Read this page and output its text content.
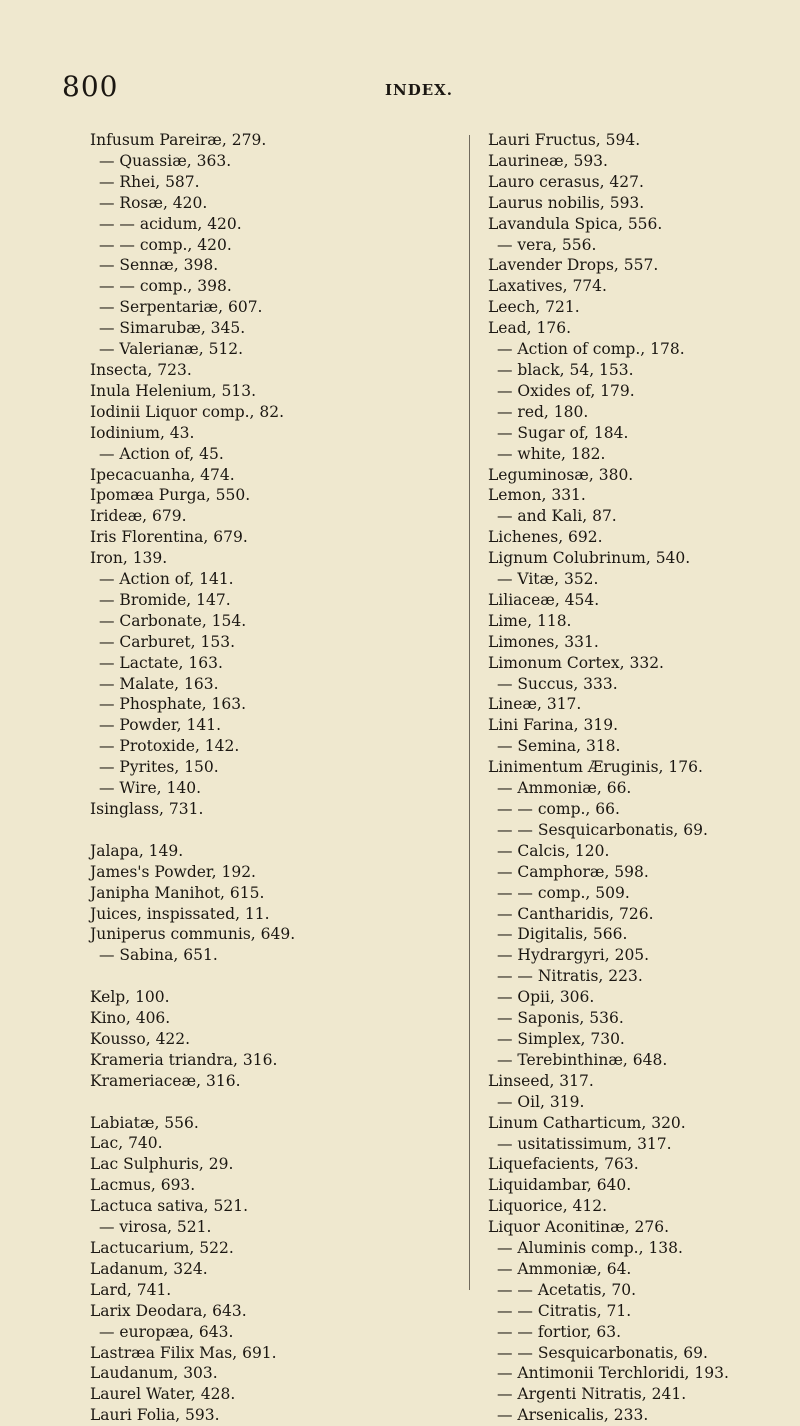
800	INDEX.
Infusum Pareiræ, 279.
— Quassiæ, 363.
— Rhei, 587.
— Rosæ, 420.
— — acidum, 420.
— — comp., 420.
— Sennæ, 398.
— — comp., 398.
— Serpentariæ, 607.
— Simarubæ, 345.
— Valerianæ, 512.
Insecta, 723.
Inula Helenium, 513.
Iodinii Liquor comp., 82.
Iodinium, 43.
— Action of, 45.
Ipecacuanha, 474.
Ipomæa Purga, 550.
Irideæ, 679.
Iris Florentina, 679.
Iron, 139.
— Action of, 141.
— Bromide, 147.
— Carbonate, 154.
— Carburet, 153.
— Lactate, 163.
— Malate, 163.
— Phosphate, 163.
— Powder, 141.
— Protoxide, 142.
— Pyrites, 150.
— Wire, 140.
Isinglass, 731.
Jalapa, 149.
James's Powder, 192.
Janipha Manihot, 615.
Juices, inspissated, 11.
Juniperus communis, 649.
— Sabina, 651.
Kelp, 100.
Kino, 406.
Kousso, 422.
Krameria triandra, 316.
Krameriaceæ, 316.
Labiatæ, 556.
Lac, 740.
Lac Sulphuris, 29.
Lacmus, 693.
Lactuca sativa, 521.
— virosa, 521.
Lactucarium, 522.
Ladanum, 324.
Lard, 741.
Larix Deodara, 643.
— europæa, 643.
Lastræa Filix Mas, 691.
Laudanum, 303.
Laurel Water, 428.
Lauri Folia, 593.
Lauri Fructus, 594.
Laurineæ, 593.
Lauro cerasus, 427.
Laurus nobilis, 593.
Lavandula Spica, 556.
— vera, 556.
Lavender Drops, 557.
Laxatives, 774.
Leech, 721.
Lead, 176.
— Action of comp., 178.
— black, 54, 153.
— Oxides of, 179.
— red, 180.
— Sugar of, 184.
— white, 182.
Leguminosæ, 380.
Lemon, 331.
— and Kali, 87.
Lichenes, 692.
Lignum Colubrinum, 540.
— Vitæ, 352.
Liliaceæ, 454.
Lime, 118.
Limones, 331.
Limonum Cortex, 332.
— Succus, 333.
Lineæ, 317.
Lini Farina, 319.
— Semina, 318.
Linimentum Æruginis, 176.
— Ammoniæ, 66.
— — comp., 66.
— — Sesquicarbonatis, 69.
— Calcis, 120.
— Camphoræ, 598.
— — comp., 509.
— Cantharidis, 726.
— Digitalis, 566.
— Hydrargyri, 205.
— — Nitratis, 223.
— Opii, 306.
— Saponis, 536.
— Simplex, 730.
— Terebinthinæ, 648.
Linseed, 317.
— Oil, 319.
Linum Catharticum, 320.
— usitatissimum, 317.
Liquefacients, 763.
Liquidambar, 640.
Liquorice, 412.
Liquor Aconitinæ, 276.
— Aluminis comp., 138.
— Ammoniæ, 64.
— — Acetatis, 70.
— — Citratis, 71.
— — fortior, 63.
— — Sesquicarbonatis, 69.
— Antimonii Terchloridi, 193.
— Argenti Nitratis, 241.
— Arsenicalis, 233.
